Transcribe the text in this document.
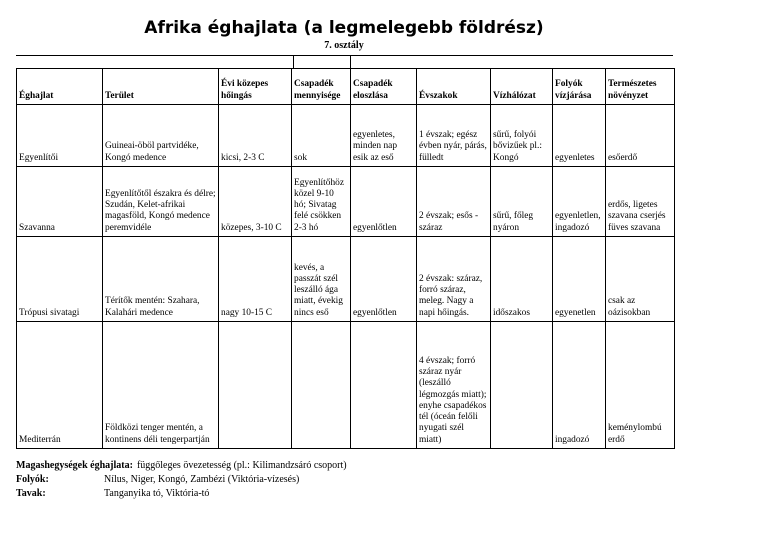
Afrika éghajlata (a legmelegebb földrész)
7. osztály
Éghajlat	Terület	Évi közepes hőingás	Csapadék mennyisége	Csapadék eloszlása	Évszakok	Vízhálózat	Folyók vízjárása	Természetes növényzet
Egyenlítői	Guineai-öböl partvidéke, Kongó medence	kicsi, 2-3 C	sok	egyenletes, minden nap esik az eső	1 évszak; egész évben nyár, párás, fülledt	sűrű, folyói bővizűek pl.: Kongó	egyenletes	esőerdő
Szavanna	Egyenlítőtől északra és délre; Szudán, Kelet-afrikai magasföld, Kongó medence peremvidéle	közepes, 3-10 C	Egyenlítőhöz közel 9-10 hó; Sivatag felé csökken 2-3 hó	egyenlőtlen	2 évszak; esős - száraz	sűrű, főleg nyáron	egyenletlen, ingadozó	erdős, ligetes szavana cserjés füves szavana
Trópusi sivatagi	Térítők mentén: Szahara, Kalahári medence	nagy 10-15 C	kevés, a passzát szél leszálló ága miatt, évekig nincs eső	egyenlőtlen	2 évszak: száraz, forró száraz, meleg. Nagy a napi hőingás.	időszakos	egyenetlen	csak az oázisokban
Mediterrán	Földközi tenger mentén, a kontinens déli tengerpartján				4 évszak; forró száraz nyár (leszálló légmozgás miatt); enyhe csapadékos tél (óceán felőli nyugati szél miatt)		ingadozó	keménylombú erdő
Magashegységek éghajlata: függőleges övezetesség (pl.: Kilimandzsáró csoport)
Folyók:	Nílus, Niger, Kongó, Zambézi (Viktória-vízesés)
Tavak:	Tanganyika tó, Viktória-tó
